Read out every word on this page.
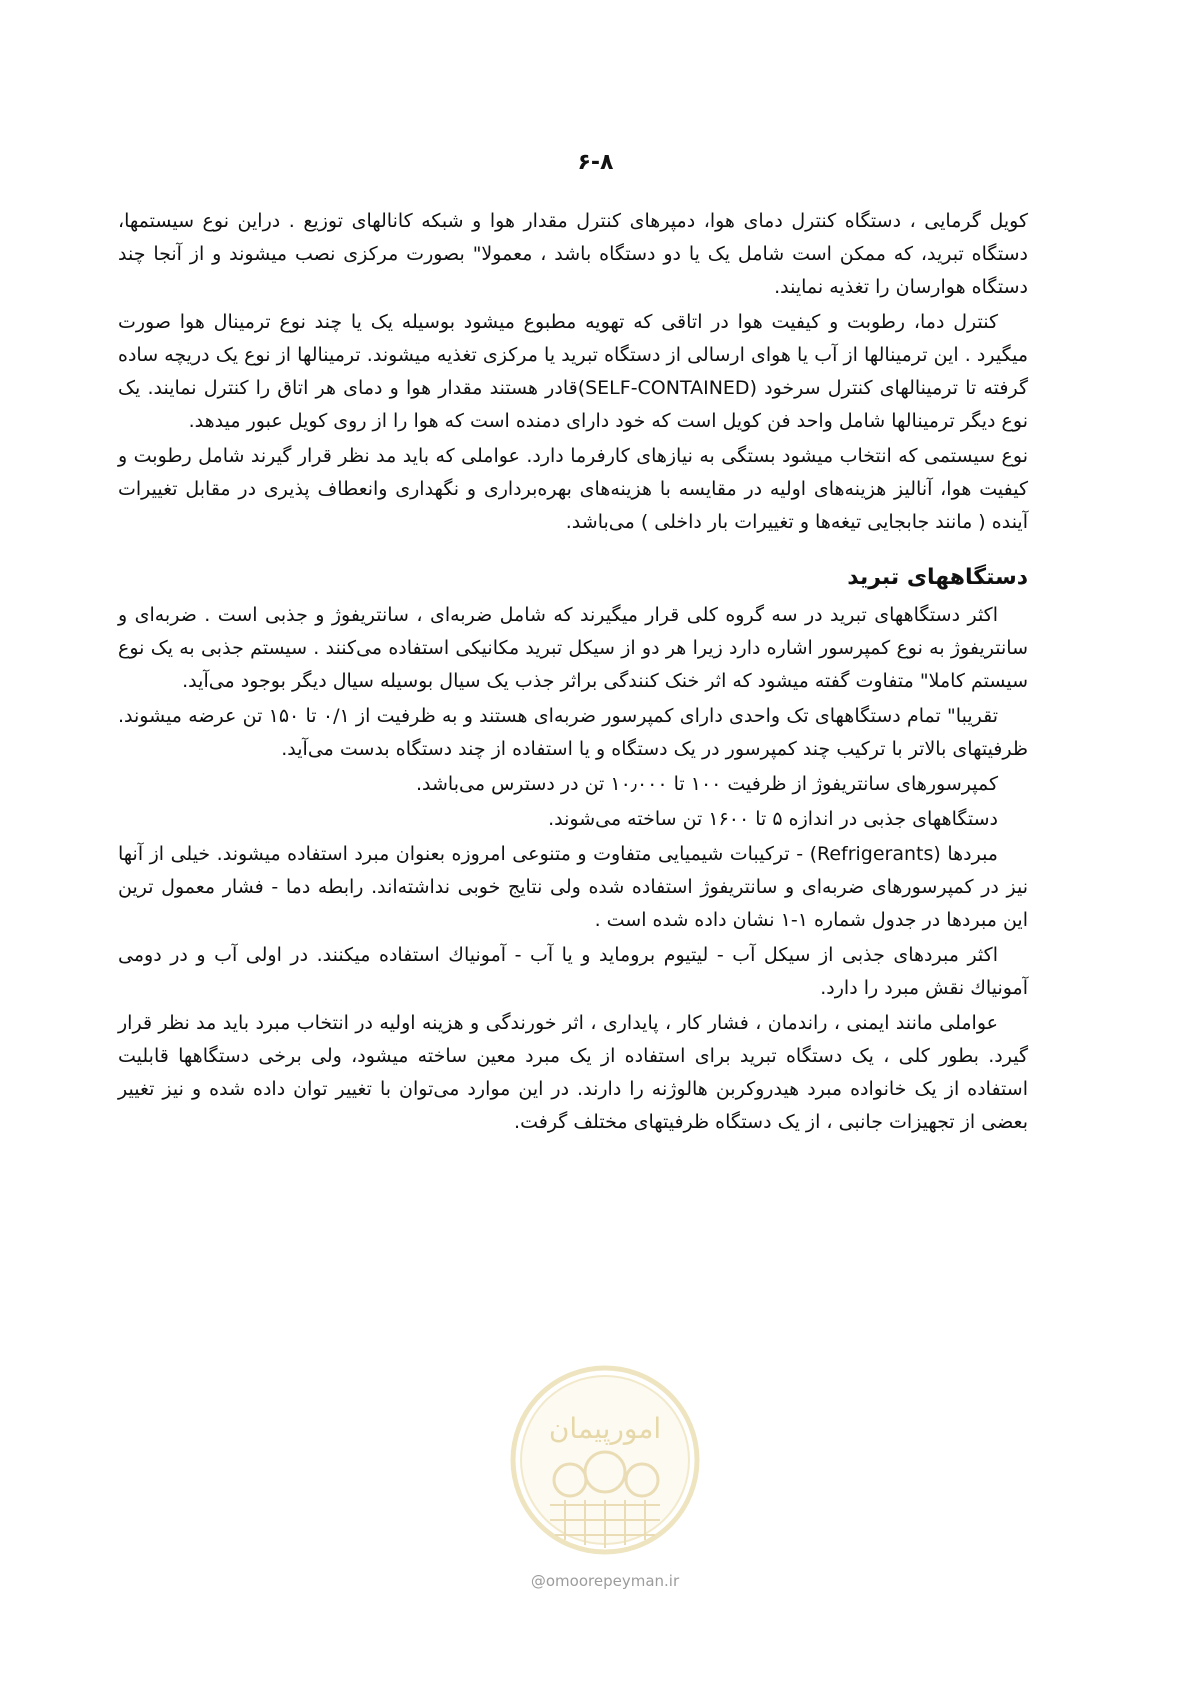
۶-۸

کویل گرمایی ، دستگاه کنترل دمای هوا، دمپرهای کنترل مقدار هوا و شبکه کانالهای توزیع . دراین نوع سیستمها، دستگاه تبرید، که ممکن است شامل یک یا دو دستگاه باشد ، معمولا" بصورت مرکزی نصب میشوند و از آنجا چند دستگاه هوارسان را تغذیه نمایند.

کنترل دما، رطوبت و کیفیت هوا در اتاقی که تهویه مطبوع میشود بوسیله یک یا چند نوع ترمینال هوا صورت میگیرد . این ترمینالها از آب یا هوای ارسالی از دستگاه تبرید یا مرکزی تغذیه میشوند. ترمینالها از نوع یک دریچه ساده گرفته تا ترمینالهای کنترل سرخود (SELF-CONTAINED)قادر هستند مقدار هوا و دمای هر اتاق را کنترل نمایند. یک نوع دیگر ترمینالها شامل واحد فن کویل است که خود دارای دمنده است که هوا را از روی کویل عبور میدهد.

نوع سیستمی که انتخاب میشود بستگی به نیازهای کارفرما دارد. عواملی که باید مد نظر قرار گیرند شامل رطوبت و کیفیت هوا، آنالیز هزینه‌های اولیه در مقایسه با هزینه‌های بهره‌برداری و نگهداری وانعطاف پذیری در مقابل تغییرات آینده ( مانند جابجایی تیغه‌ها و تغییرات بار داخلی ) می‌باشد.

دستگاههای تبرید

اکثر دستگاههای تبرید در سه گروه کلی قرار میگیرند که شامل ضربه‌ای ، سانتریفوژ و جذبی است . ضربه‌ای و سانتریفوژ به نوع کمپرسور اشاره دارد زیرا هر دو از سیکل تبرید مکانیکی استفاده می‌کنند . سیستم جذبی به یک نوع سیستم کاملا" متفاوت گفته میشود که اثر خنک کنندگی براثر جذب یک سیال بوسیله سیال دیگر بوجود می‌آید.

تقریبا" تمام دستگاههای تک واحدی دارای کمپرسور ضربه‌ای هستند و به ظرفیت از ۰/۱ تا ۱۵۰ تن عرضه میشوند. ظرفیتهای بالاتر با ترکیب چند کمپرسور در یک دستگاه و یا استفاده از چند دستگاه بدست می‌آید.

کمپرسورهای سانتریفوژ از ظرفیت ۱۰۰ تا ۱۰٫۰۰۰ تن در دسترس می‌باشد.

دستگاههای جذبی در اندازه ۵ تا ۱۶۰۰ تن ساخته می‌شوند.

مبردها (Refrigerants) - ترکیبات شیمیایی متفاوت و متنوعی امروزه بعنوان مبرد استفاده میشوند. خیلی از آنها نیز در کمپرسورهای ضربه‌ای و سانتریفوژ استفاده شده ولی نتایج خوبی نداشته‌اند. رابطه دما - فشار معمول ترین این مبردها در جدول شماره ۱-۱ نشان داده شده است .

اکثر مبردهای جذبی از سیکل آب - لیتیوم بروماید و یا آب - آمونیاك استفاده میکنند. در اولی آب و در دومی آمونیاك نقش مبرد را دارد.

عواملی مانند ایمنی ، راندمان ، فشار کار ، پایداری ، اثر خورندگی و هزینه اولیه در انتخاب مبرد باید مد نظر قرار گیرد. بطور کلی ، یک دستگاه تبرید برای استفاده از یک مبرد معین ساخته میشود، ولی برخی دستگاهها قابلیت استفاده از یک خانواده مبرد هیدروکربن هالوژنه را دارند. در این موارد می‌توان با تغییر توان داده شده و نیز تغییر بعضی از تجهیزات جانبی ، از یک دستگاه ظرفیتهای مختلف گرفت.

امورپیمان
@omoorepeyman.ir
